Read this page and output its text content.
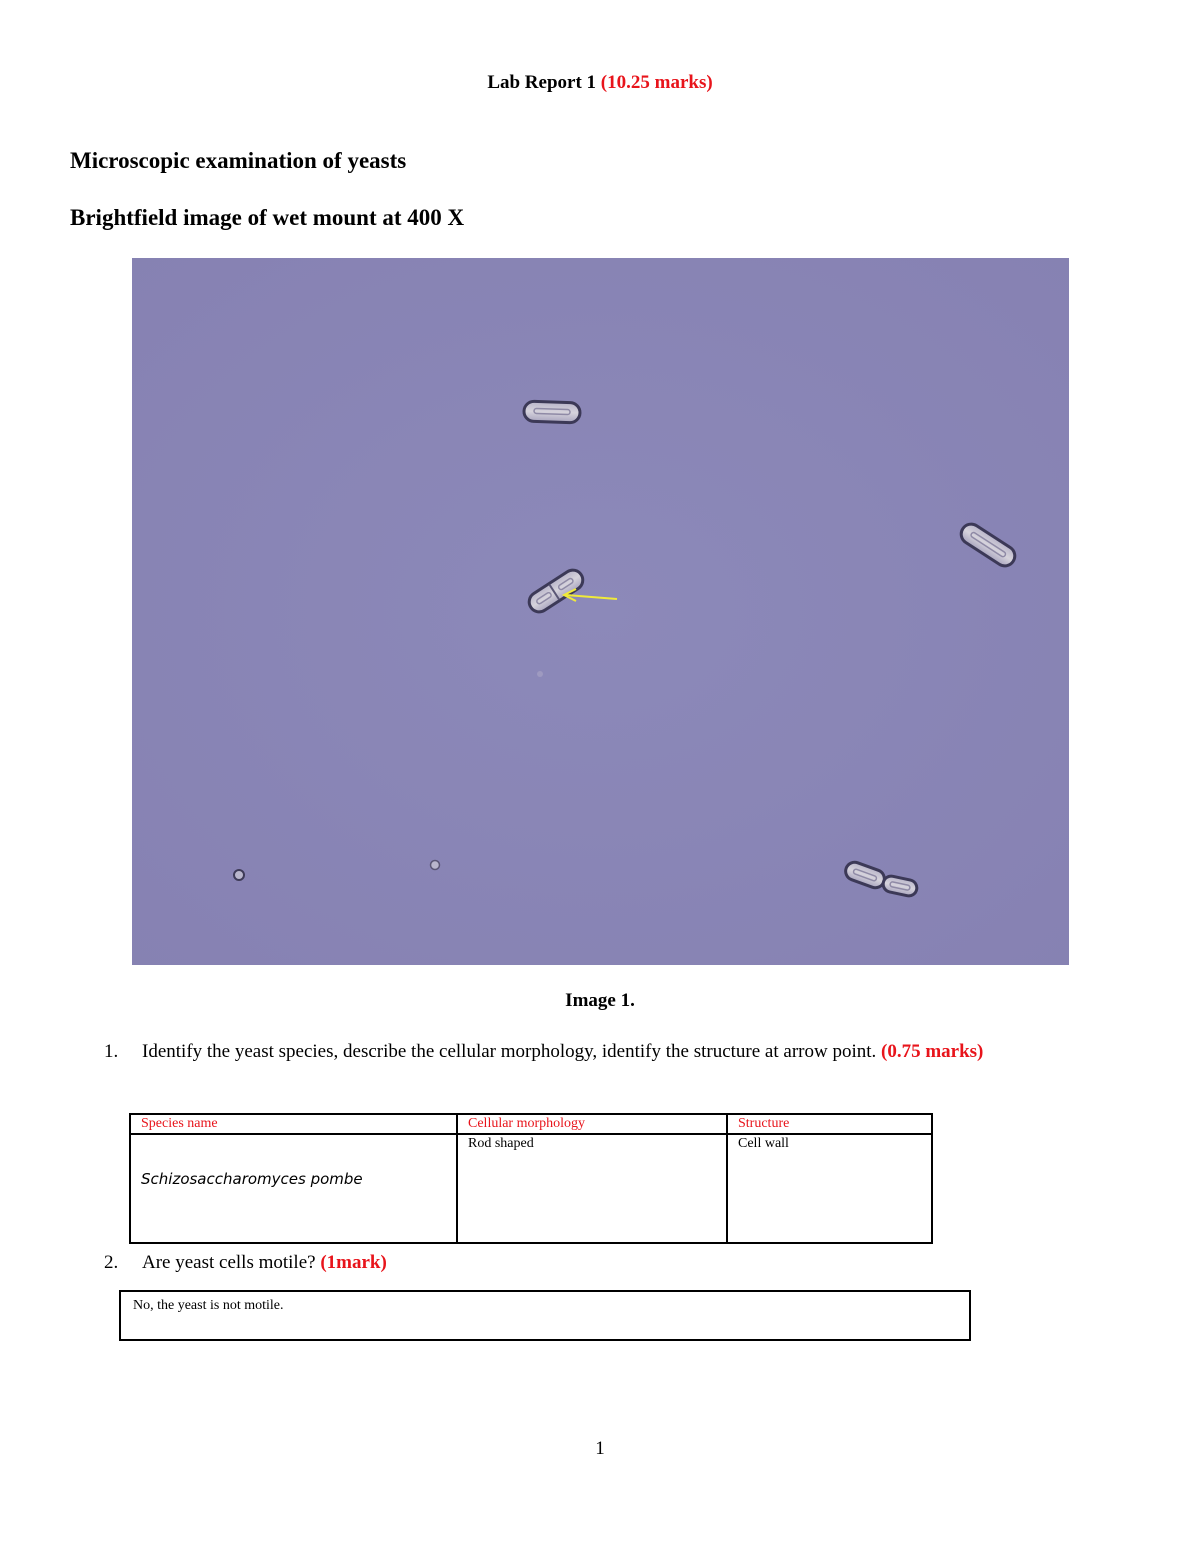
Lab Report 1 (10.25 marks)
Microscopic examination of yeasts
Brightfield image of wet mount at 400 X
Image 1.
1. Identify the yeast species, describe the cellular morphology, identify the structure at arrow point. (0.75 marks)
Species name	Cellular morphology	Structure
Schizosaccharomyces pombe	Rod shaped	Cell wall
2. Are yeast cells motile? (1mark)
No, the yeast is not motile.
1
